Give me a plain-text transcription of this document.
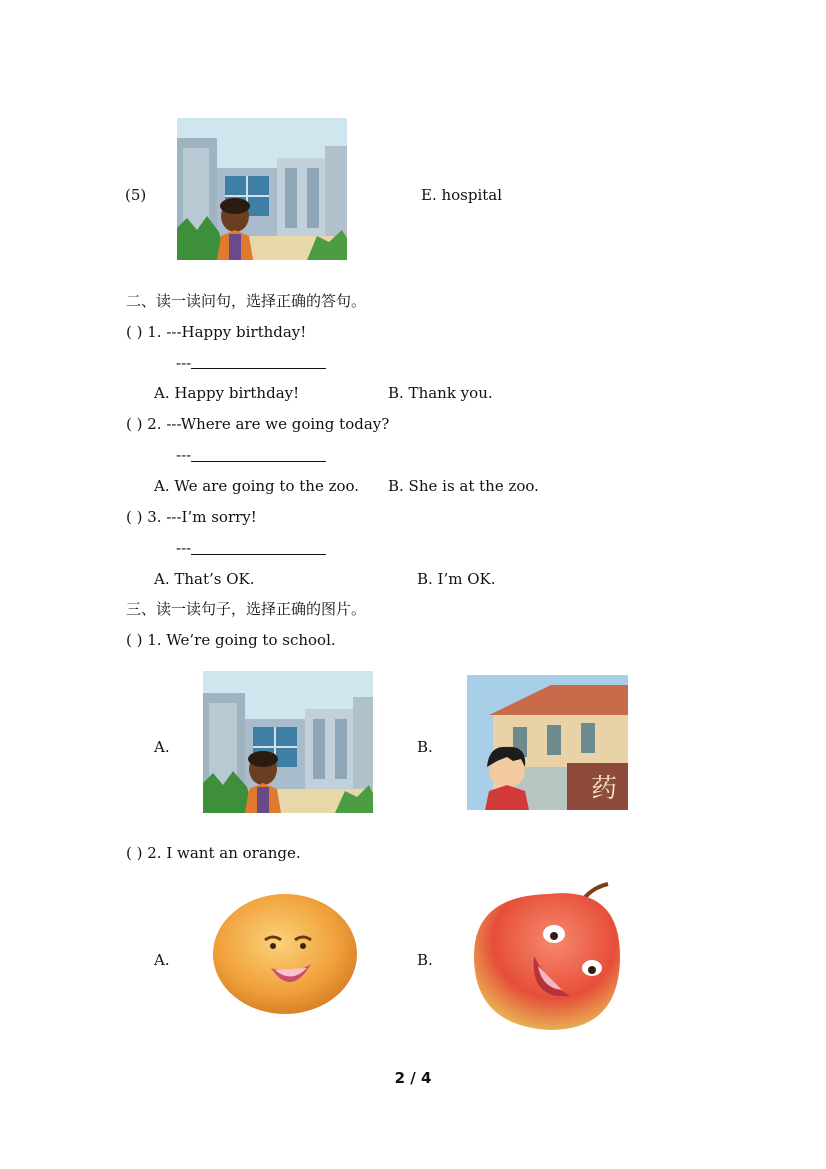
(5)	E. hospital
二、读一读问句，选择正确的答句。
( ) 1. ---Happy birthday!
---
A. Happy birthday!	B. Thank you.
( ) 2. ---Where are we going today?
---
A. We are going to the zoo. B. She is at the zoo.
( ) 3. ---I’m sorry!
---
A. That’s OK.	B. I’m OK.
三、读一读句子，选择正确的图片。
( ) 1. We’re going to school.
A.	B.
药
( ) 2. I want an orange.
A.	B.
2 / 4
